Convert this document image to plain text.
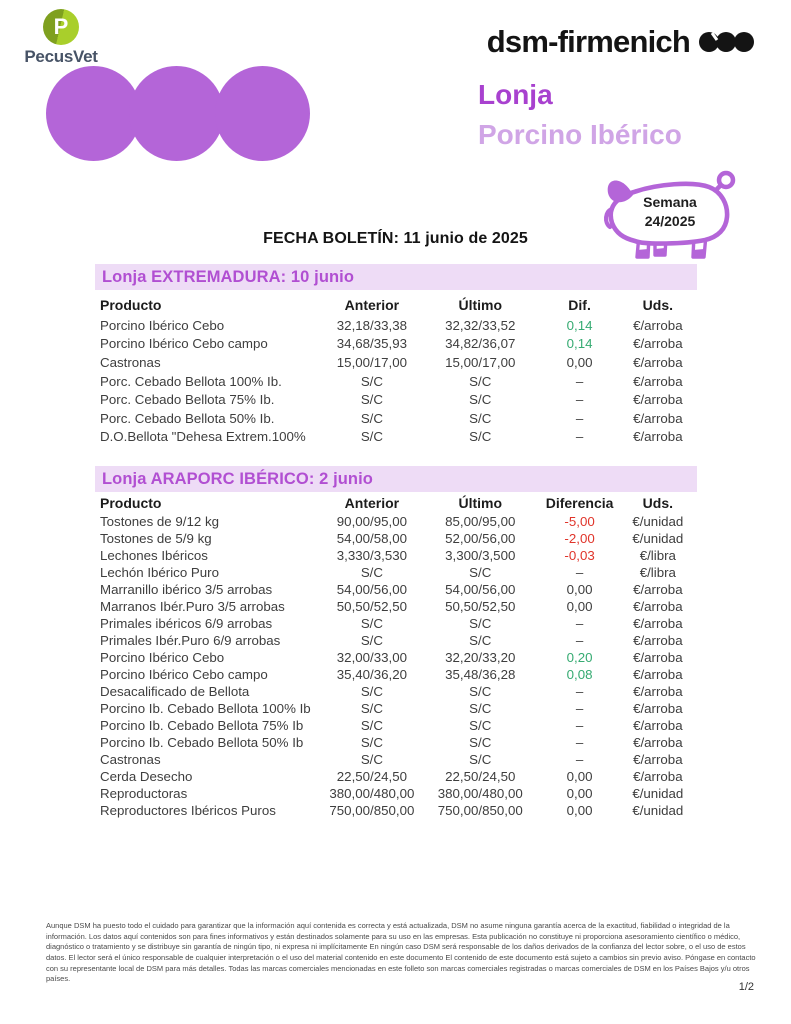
P
PecusVet	dsm-firmenich
Lonja
Porcino Ibérico
Semana
24/2025
FECHA BOLETÍN: 11 junio de 2025
Lonja EXTREMADURA: 10 junio
Producto	Anterior	Último	Dif.	Uds.
Porcino Ibérico Cebo	32,18/33,38	32,32/33,52	0,14	€/arroba
Porcino Ibérico Cebo campo	34,68/35,93	34,82/36,07	0,14	€/arroba
Castronas	15,00/17,00	15,00/17,00	0,00	€/arroba
Porc. Cebado Bellota 100% Ib.	S/C	S/C	–	€/arroba
Porc. Cebado Bellota 75% Ib.	S/C	S/C	–	€/arroba
Porc. Cebado Bellota 50% Ib.	S/C	S/C	–	€/arroba
D.O.Bellota "Dehesa Extrem.100%	S/C	S/C	–	€/arroba
Lonja ARAPORC IBÉRICO: 2 junio
Producto	Anterior	Último	Diferencia	Uds.
Tostones de 9/12 kg	90,00/95,00	85,00/95,00	-5,00	€/unidad
Tostones de 5/9 kg	54,00/58,00	52,00/56,00	-2,00	€/unidad
Lechones Ibéricos	3,330/3,530	3,300/3,500	-0,03	€/libra
Lechón Ibérico Puro	S/C	S/C	–	€/libra
Marranillo ibérico 3/5 arrobas	54,00/56,00	54,00/56,00	0,00	€/arroba
Marranos Ibér.Puro 3/5 arrobas	50,50/52,50	50,50/52,50	0,00	€/arroba
Primales ibéricos 6/9 arrobas	S/C	S/C	–	€/arroba
Primales Ibér.Puro 6/9 arrobas	S/C	S/C	–	€/arroba
Porcino Ibérico Cebo	32,00/33,00	32,20/33,20	0,20	€/arroba
Porcino Ibérico Cebo campo	35,40/36,20	35,48/36,28	0,08	€/arroba
Desacalificado de Bellota	S/C	S/C	–	€/arroba
Porcino Ib. Cebado Bellota 100% Ib	S/C	S/C	–	€/arroba
Porcino Ib. Cebado Bellota 75% Ib	S/C	S/C	–	€/arroba
Porcino Ib. Cebado Bellota 50% Ib	S/C	S/C	–	€/arroba
Castronas	S/C	S/C	–	€/arroba
Cerda Desecho	22,50/24,50	22,50/24,50	0,00	€/arroba
Reproductoras	380,00/480,00	380,00/480,00	0,00	€/unidad
Reproductores Ibéricos Puros	750,00/850,00	750,00/850,00	0,00	€/unidad
Aunque DSM ha puesto todo el cuidado para garantizar que la información aquí contenida es correcta y está actualizada, DSM no asume ninguna garantía acerca de la exactitud, fiabilidad o integridad de la información. Los datos aquí contenidos son para fines informativos y están destinados solamente para su uso en las empresas. Esta publicación no constituye ni proporciona asesoramiento científico o médico, diagnóstico o tratamiento y se distribuye sin garantía de ningún tipo, ni expresa ni implícitamente En ningún caso DSM será responsable de los daños derivados de la confianza del lector sobre, o el uso de estos datos. El lector será el único responsable de cualquier interpretación o el uso del material contenido en este documento El contenido de este documento está sujeto a cambios sin previo aviso. Póngase en contacto con su representante local de DSM para más detalles. Todas las marcas comerciales mencionadas en este folleto son marcas comerciales registradas o marcas comerciales de DSM en los Países Bajos y/u otros países.
1/2
